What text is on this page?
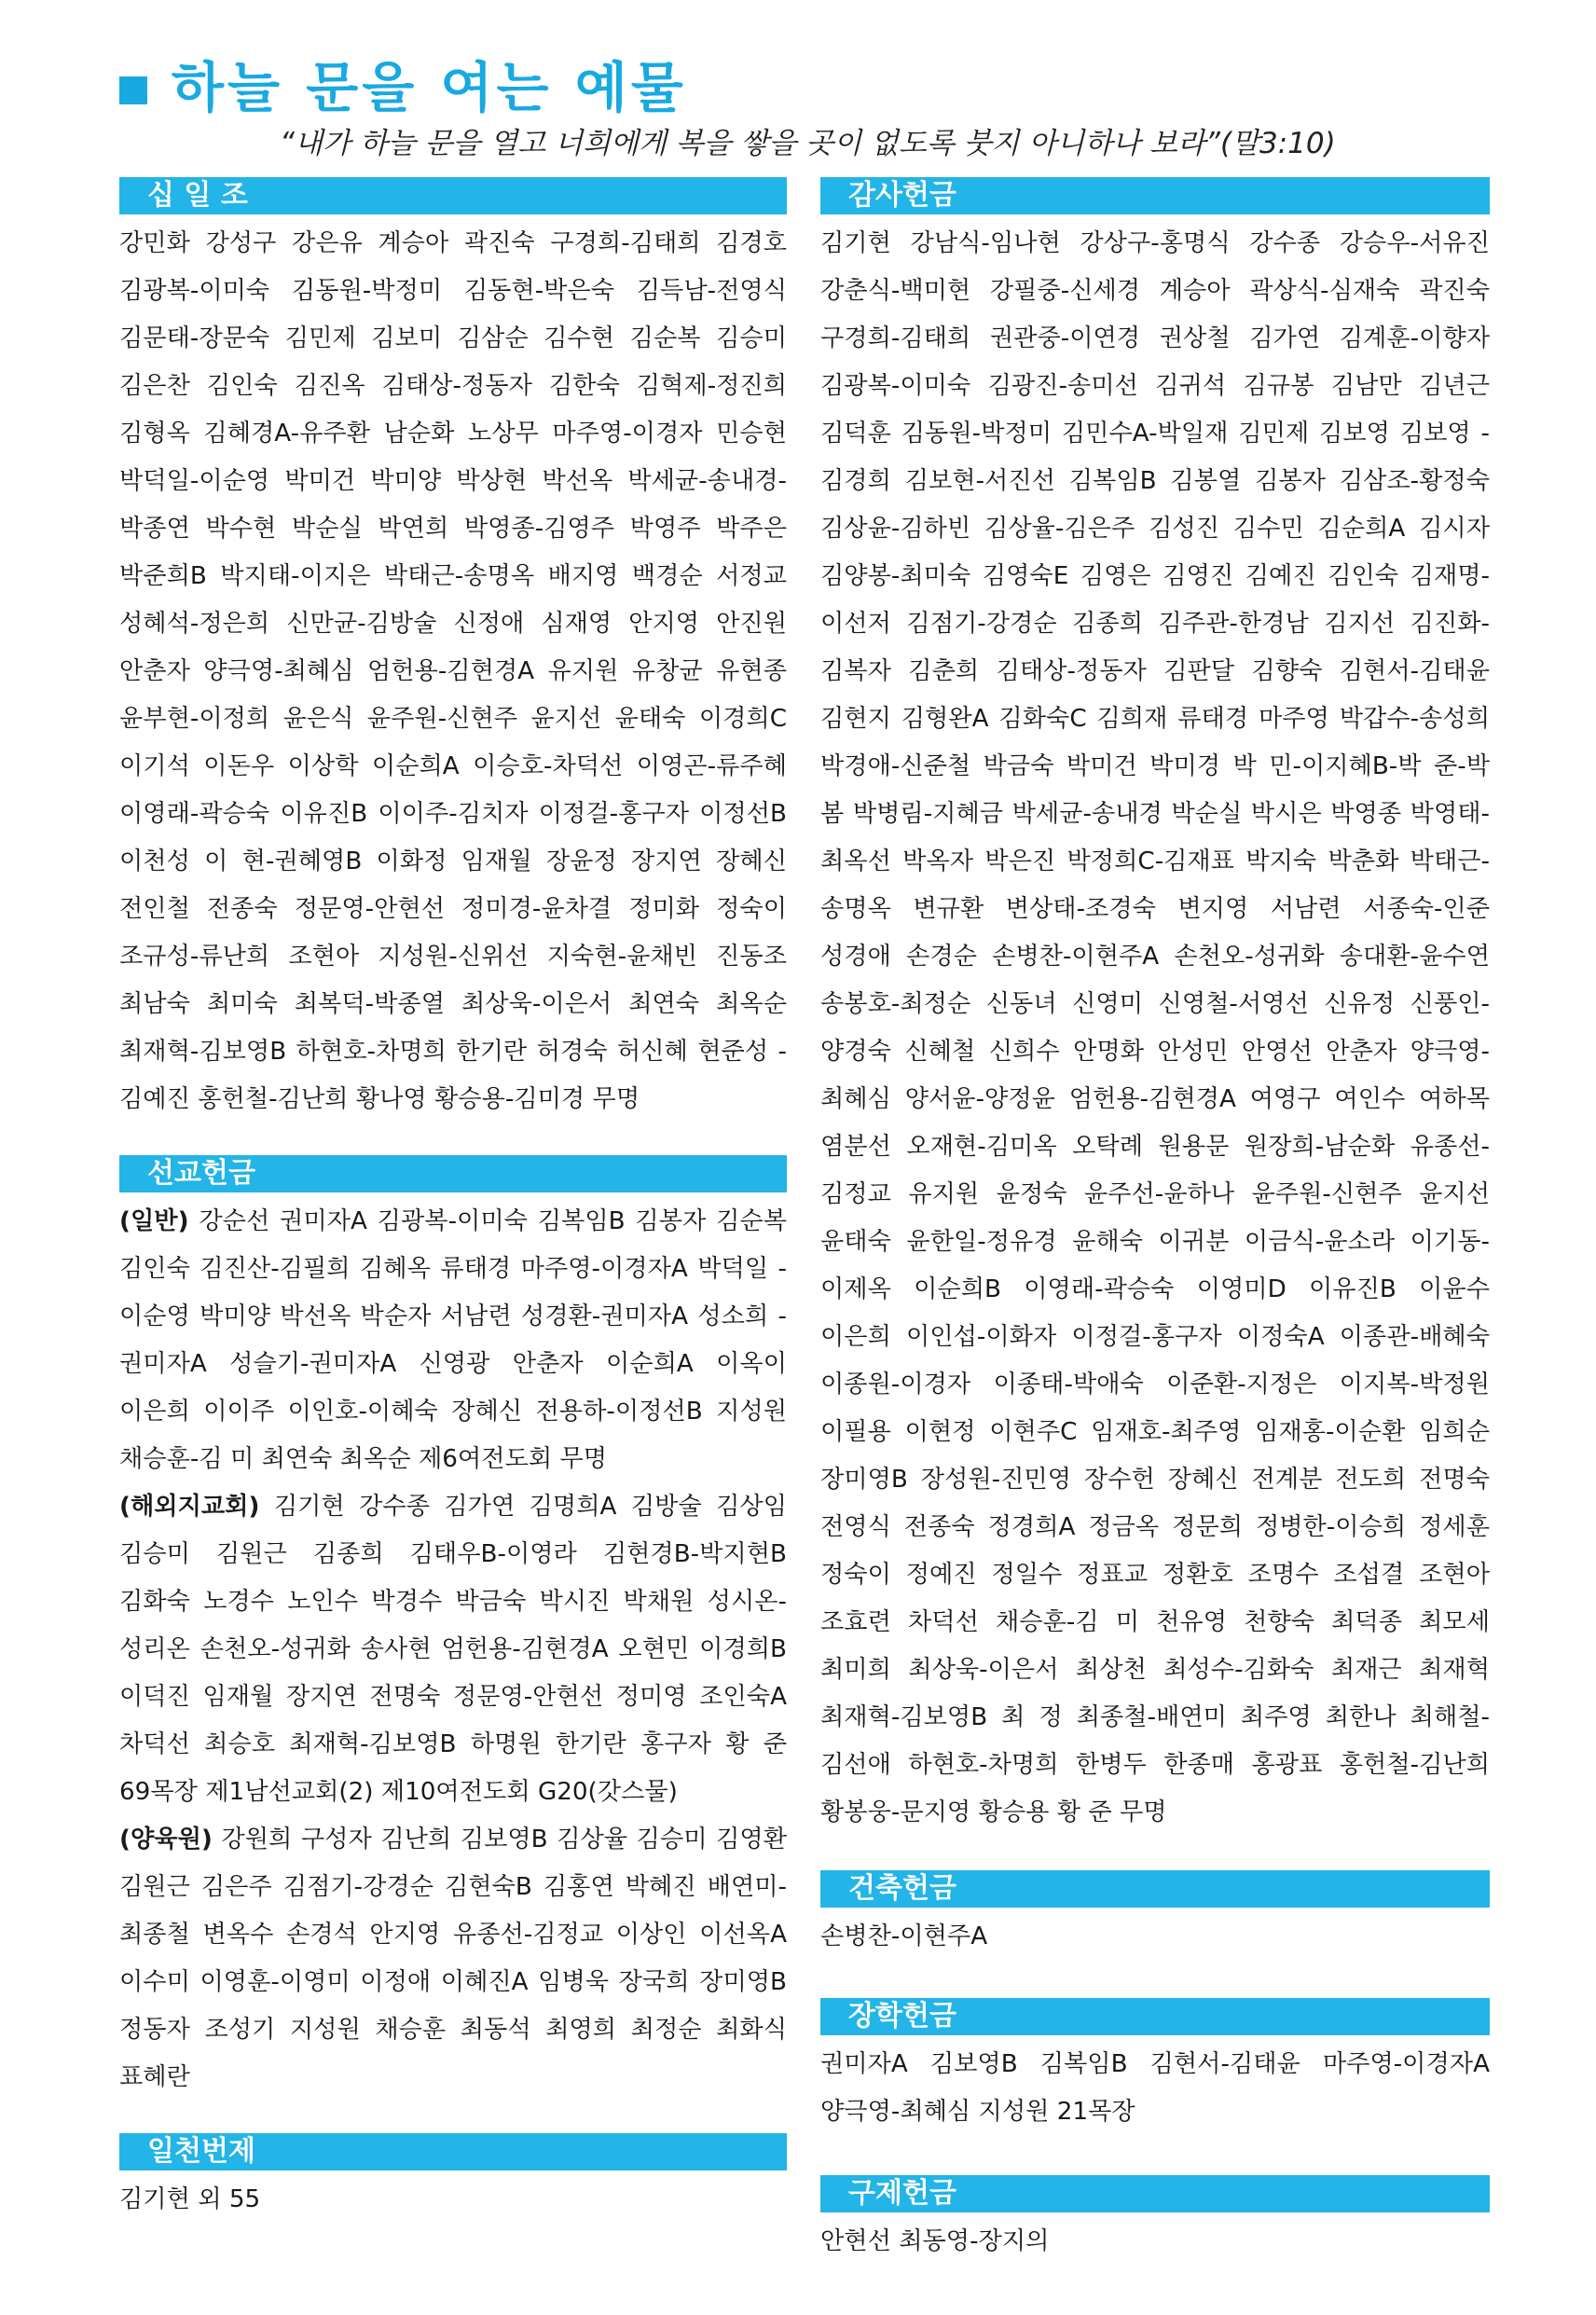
하늘 문을 여는 예물
“내가 하늘 문을 열고 너희에게 복을 쌓을 곳이 없도록 붓지 아니하나 보라”(말3:10)
십 일 조
강민화 강성구 강은유 계승아 곽진숙 구경희-김태희 김경호 김광복-이미숙 김동원-박정미 김동현-박은숙 김득남-전영식 김문태-장문숙 김민제 김보미 김삼순 김수현 김순복 김승미 김은찬 김인숙 김진옥 김태상-정동자 김한숙 김혁제-정진희 김형옥 김혜경A-유주환 남순화 노상무 마주영-이경자 민승현 박덕일-이순영 박미건 박미양 박상현 박선옥 박세균-송내경-박종연 박수현 박순실 박연희 박영종-김영주 박영주 박주은 박준희B 박지태-이지은 박태근-송명옥 배지영 백경순 서정교 성혜석-정은희 신만균-김방술 신정애 심재영 안지영 안진원 안춘자 양극영-최혜심 엄헌용-김현경A 유지원 유창균 유현종 윤부현-이정희 윤은식 윤주원-신현주 윤지선 윤태숙 이경희C 이기석 이돈우 이상학 이순희A 이승호-차덕선 이영곤-류주혜 이영래-곽승숙 이유진B 이이주-김치자 이정걸-홍구자 이정선B 이천성 이 현-권혜영B 이화정 임재월 장윤정 장지연 장혜신 전인철 전종숙 정문영-안현선 정미경-윤차결 정미화 정숙이 조규성-류난희 조현아 지성원-신위선 지숙현-윤채빈 진동조 최남숙 최미숙 최복덕-박종열 최상욱-이은서 최연숙 최옥순 최재혁-김보영B 하현호-차명희 한기란 허경숙 허신혜 현준성 -김예진 홍헌철-김난희 황나영 황승용-김미경 무명
선교헌금

(일반) 강순선 권미자A 김광복-이미숙 김복임B 김봉자 김순복 김인숙 김진산-김필희 김혜옥 류태경 마주영-이경자A 박덕일 -이순영 박미양 박선옥 박순자 서남련 성경환-권미자A 성소희 -권미자A 성슬기-권미자A 신영광 안춘자 이순희A 이옥이 이은희 이이주 이인호-이혜숙 장혜신 전용하-이정선B 지성원 채승훈-김 미 최연숙 최옥순 제6여전도회 무명

(해외지교회) 김기현 강수종 김가연 김명희A 김방술 김상임 김승미 김원근 김종희 김태우B-이영라 김현경B-박지현B 김화숙 노경수 노인수 박경수 박금숙 박시진 박채원 성시온-성리온 손천오-성귀화 송사현 엄헌용-김현경A 오현민 이경희B 이덕진 임재월 장지연 전명숙 정문영-안현선 정미영 조인숙A 차덕선 최승호 최재혁-김보영B 하명원 한기란 홍구자 황 준 69목장 제1남선교회(2) 제10여전도회 G20(갓스물)

(양육원) 강원희 구성자 김난희 김보영B 김상율 김승미 김영환 김원근 김은주 김점기-강경순 김현숙B 김홍연 박혜진 배연미-최종철 변옥수 손경석 안지영 유종선-김정교 이상인 이선옥A 이수미 이영훈-이영미 이정애 이혜진A 임병욱 장국희 장미영B 정동자 조성기 지성원 채승훈 최동석 최영희 최정순 최화식 표혜란

일천번제
김기현 외 55
감사헌금
김기현 강남식-임나현 강상구-홍명식 강수종 강승우-서유진 강춘식-백미현 강필중-신세경 계승아 곽상식-심재숙 곽진숙 구경희-김태희 권관중-이연경 권상철 김가연 김계훈-이향자 김광복-이미숙 김광진-송미선 김귀석 김규봉 김남만 김년근 김덕훈 김동원-박정미 김민수A-박일재 김민제 김보영 김보영 -김경희 김보현-서진선 김복임B 김봉열 김봉자 김삼조-황정숙 김상윤-김하빈 김상율-김은주 김성진 김수민 김순희A 김시자 김양봉-최미숙 김영숙E 김영은 김영진 김예진 김인숙 김재명-이선저 김점기-강경순 김종희 김주관-한경남 김지선 김진화-김복자 김춘희 김태상-정동자 김판달 김향숙 김현서-김태윤 김현지 김형완A 김화숙C 김희재 류태경 마주영 박갑수-송성희 박경애-신준철 박금숙 박미건 박미경 박 민-이지혜B-박 준-박 봄 박병림-지혜금 박세균-송내경 박순실 박시은 박영종 박영태-최옥선 박옥자 박은진 박정희C-김재표 박지숙 박춘화 박태근-송명옥 변규환 변상태-조경숙 변지영 서남련 서종숙-인준 성경애 손경순 손병찬-이현주A 손천오-성귀화 송대환-윤수연 송봉호-최정순 신동녀 신영미 신영철-서영선 신유정 신풍인-양경숙 신혜철 신희수 안명화 안성민 안영선 안춘자 양극영-최혜심 양서윤-양정윤 엄헌용-김현경A 여영구 여인수 여하목 염분선 오재현-김미옥 오탁례 원용문 원장희-남순화 유종선-김정교 유지원 윤정숙 윤주선-윤하나 윤주원-신현주 윤지선 윤태숙 윤한일-정유경 윤해숙 이귀분 이금식-윤소라 이기동-이제옥 이순희B 이영래-곽승숙 이영미D 이유진B 이윤수 이은희 이인섭-이화자 이정걸-홍구자 이정숙A 이종관-배혜숙 이종원-이경자 이종태-박애숙 이준환-지정은 이지복-박정원 이필용 이현정 이현주C 임재호-최주영 임재홍-이순환 임희순 장미영B 장성원-진민영 장수헌 장혜신 전계분 전도희 전명숙 전영식 전종숙 정경희A 정금옥 정문희 정병한-이승희 정세훈 정숙이 정예진 정일수 정표교 정환호 조명수 조섭결 조현아 조효련 차덕선 채승훈-김 미 천유영 천향숙 최덕종 최모세 최미희 최상욱-이은서 최상천 최성수-김화숙 최재근 최재혁 최재혁-김보영B 최 정 최종철-배연미 최주영 최한나 최해철-김선애 하현호-차명희 한병두 한종매 홍광표 홍헌철-김난희 황봉웅-문지영 황승용 황 준 무명
건축헌금
손병찬-이현주A
장학헌금
권미자A 김보영B 김복임B 김현서-김태윤 마주영-이경자A 양극영-최혜심 지성원 21목장
구제헌금
안현선 최동영-장지의
